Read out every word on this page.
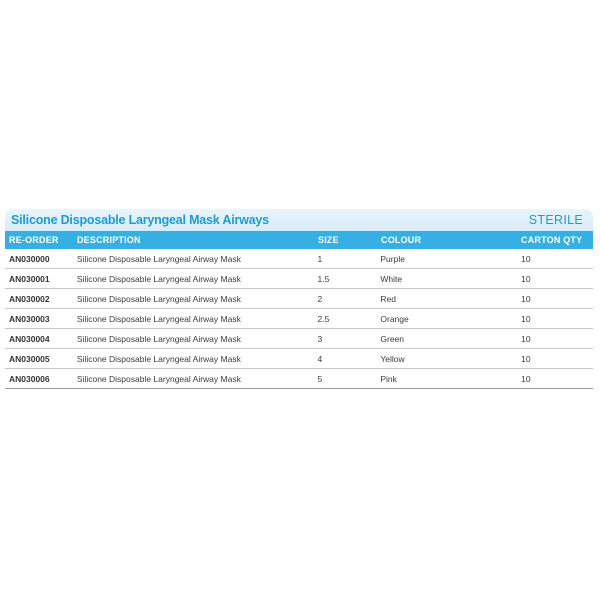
Silicone Disposable Laryngeal Mask Airways	STERILE
RE-ORDER	DESCRIPTION	SIZE	COLOUR	CARTON QTY
AN030000	Silicone Disposable Laryngeal Airway Mask	1	Purple	10
AN030001	Silicone Disposable Laryngeal Airway Mask	1.5	White	10
AN030002	Silicone Disposable Laryngeal Airway Mask	2	Red	10
AN030003	Silicone Disposable Laryngeal Airway Mask	2.5	Orange	10
AN030004	Silicone Disposable Laryngeal Airway Mask	3	Green	10
AN030005	Silicone Disposable Laryngeal Airway Mask	4	Yellow	10
AN030006	Silicone Disposable Laryngeal Airway Mask	5	Pink	10
